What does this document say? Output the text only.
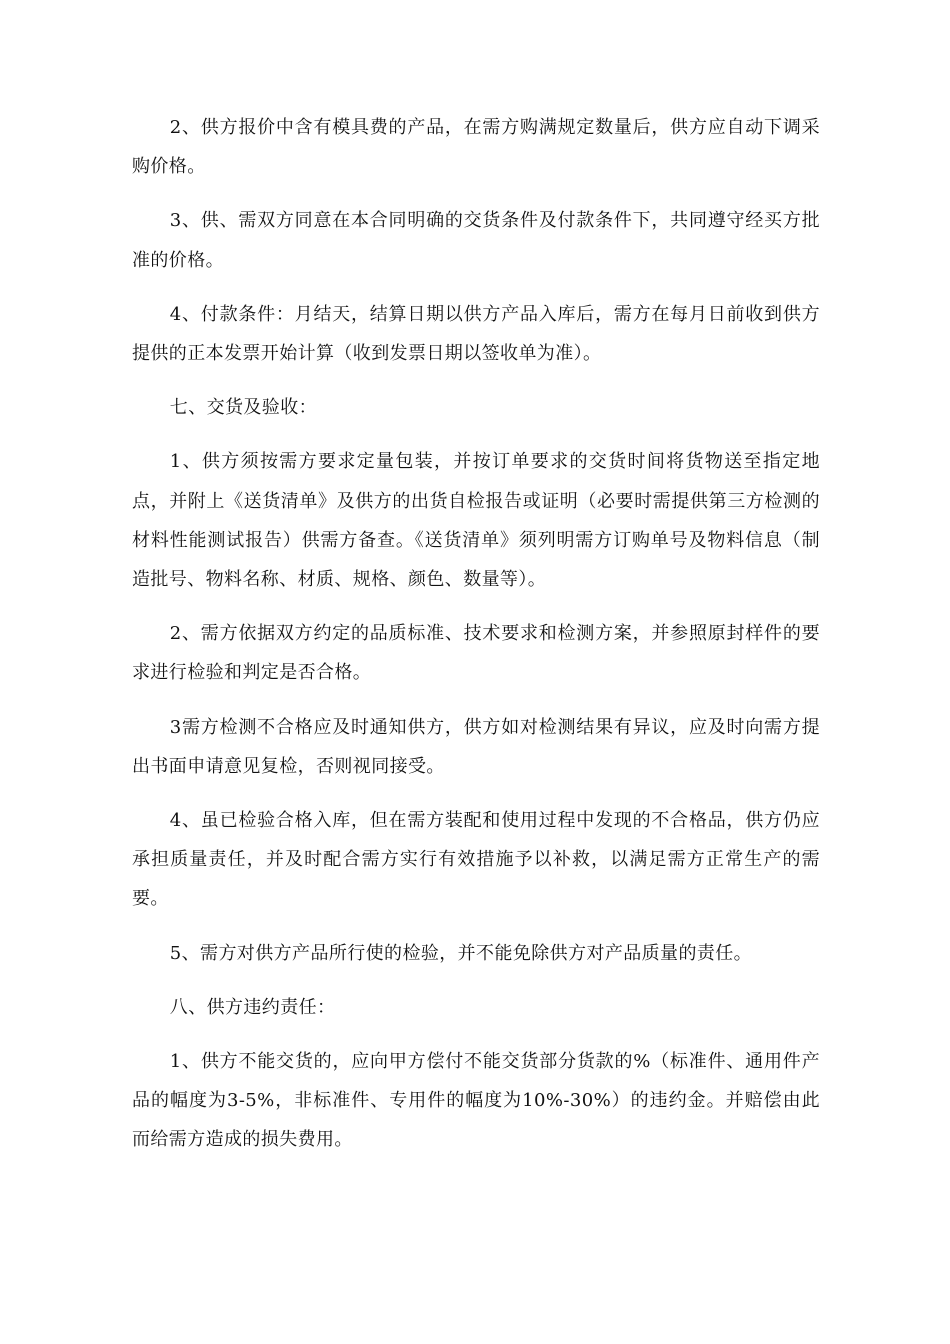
2、供方报价中含有模具费的产品，在需方购满规定数量后，供方应自动下调采购价格。

3、供、需双方同意在本合同明确的交货条件及付款条件下，共同遵守经买方批准的价格。

4、付款条件：月结天，结算日期以供方产品入库后，需方在每月日前收到供方提供的正本发票开始计算（收到发票日期以签收单为准）。

七、交货及验收：

1、供方须按需方要求定量包装，并按订单要求的交货时间将货物送至指定地点，并附上《送货清单》及供方的出货自检报告或证明（必要时需提供第三方检测的材料性能测试报告）供需方备查。《送货清单》须列明需方订购单号及物料信息（制造批号、物料名称、材质、规格、颜色、数量等）。

2、需方依据双方约定的品质标准、技术要求和检测方案，并参照原封样件的要求进行检验和判定是否合格。

3需方检测不合格应及时通知供方，供方如对检测结果有异议，应及时向需方提出书面申请意见复检，否则视同接受。

4、虽已检验合格入库，但在需方装配和使用过程中发现的不合格品，供方仍应承担质量责任，并及时配合需方实行有效措施予以补救，以满足需方正常生产的需要。

5、需方对供方产品所行使的检验，并不能免除供方对产品质量的责任。

八、供方违约责任：

1、供方不能交货的，应向甲方偿付不能交货部分货款的%（标准件、通用件产品的幅度为3-5%，非标准件、专用件的幅度为10%-30%）的违约金。并赔偿由此而给需方造成的损失费用。
